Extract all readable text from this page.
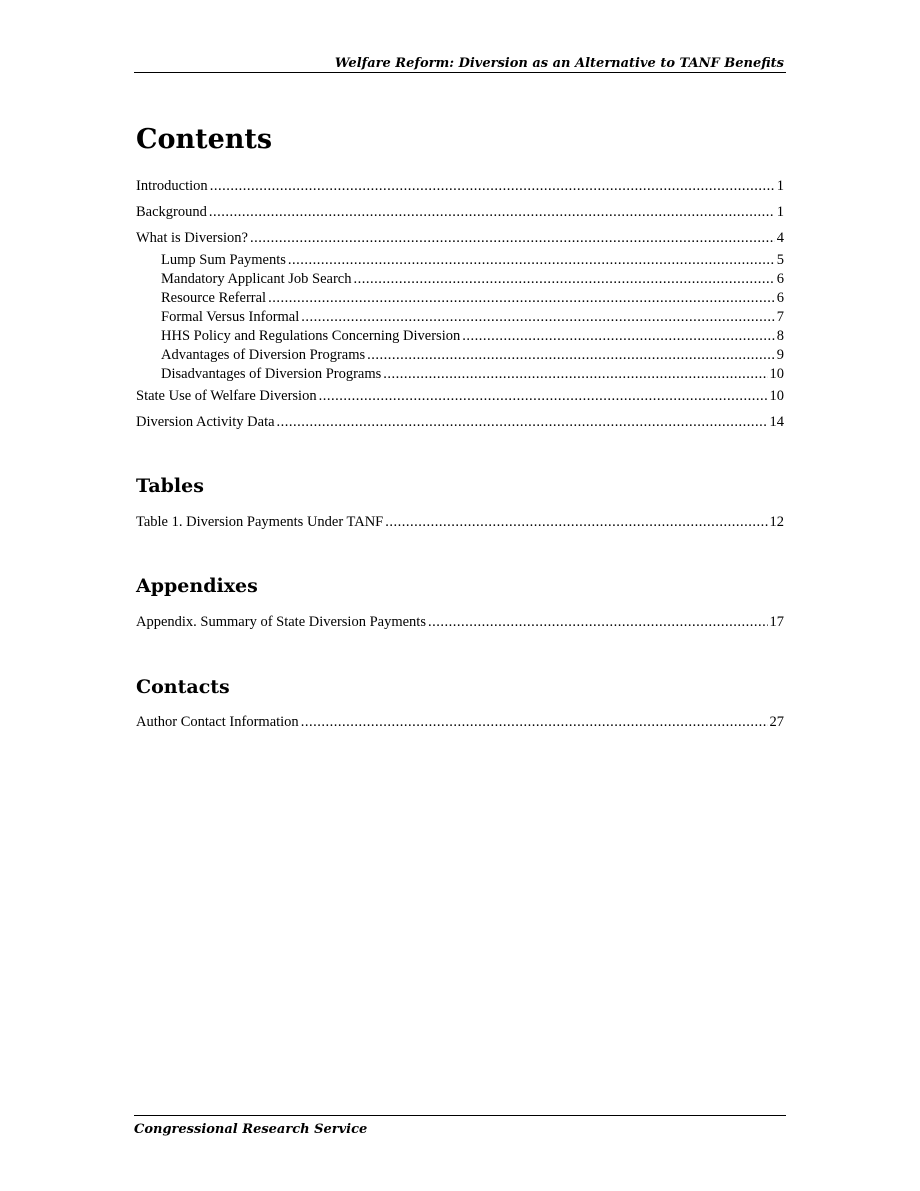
Welfare Reform: Diversion as an Alternative to TANF Benefits
Contents
Introduction .....	1
Background .....	1
What is Diversion? .....	4
Lump Sum Payments .....	5
Mandatory Applicant Job Search .....	6
Resource Referral .....	6
Formal Versus Informal .....	7
HHS Policy and Regulations Concerning Diversion .....	8
Advantages of Diversion Programs .....	9
Disadvantages of Diversion Programs .....	10
State Use of Welfare Diversion .....	10
Diversion Activity Data .....	14
Tables
Table 1. Diversion Payments Under TANF .....	12
Appendixes
Appendix. Summary of State Diversion Payments .....	17
Contacts
Author Contact Information .....	27
Congressional Research Service
